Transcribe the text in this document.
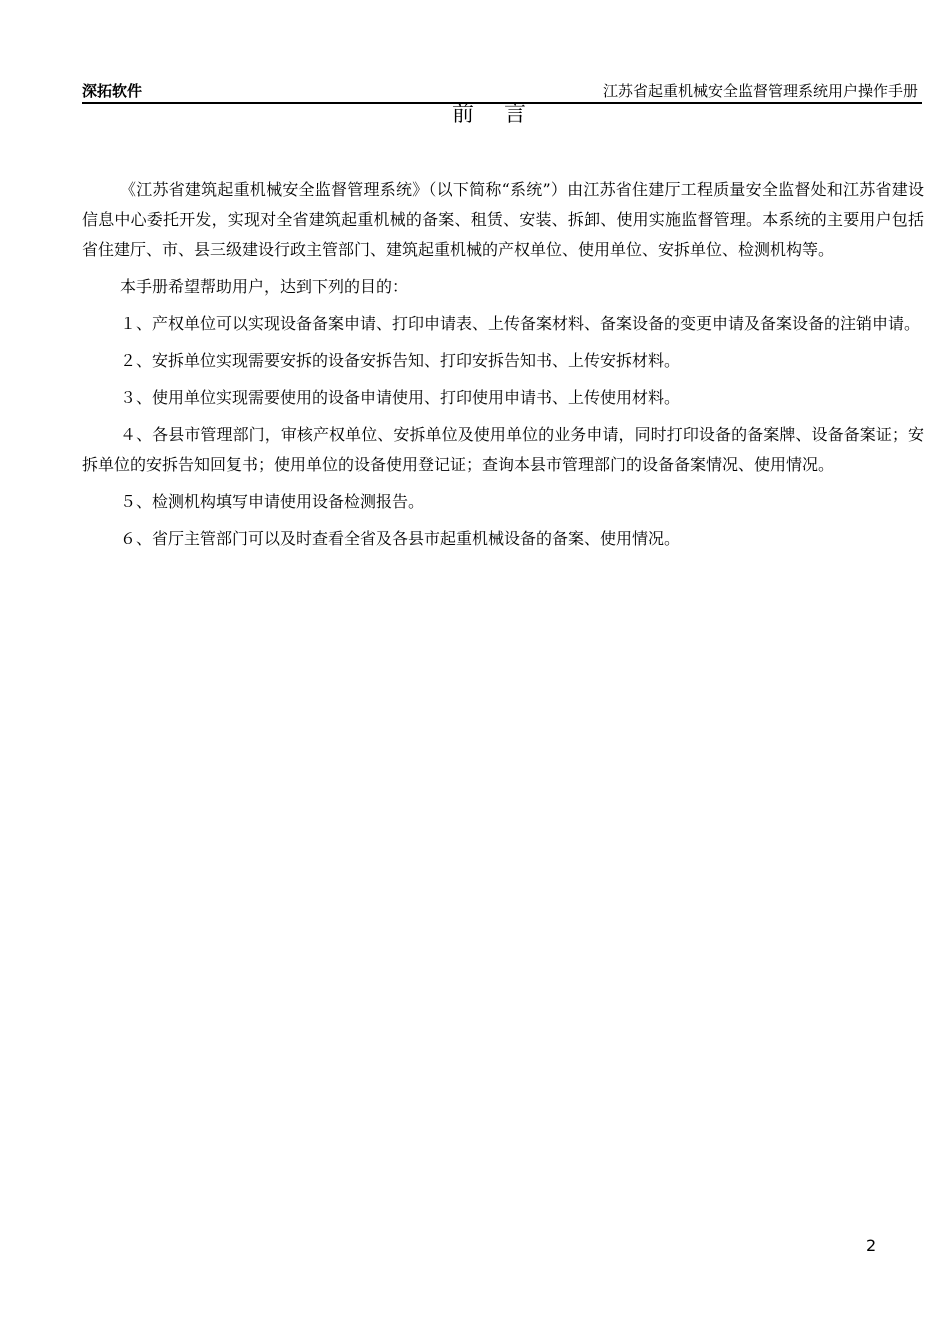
深拓软件	江苏省起重机械安全监督管理系统用户操作手册
前言

《江苏省建筑起重机械安全监督管理系统》（以下简称“系统”）由江苏省住建厅工程质量安全监督处和江苏省建设信息中心委托开发，实现对全省建筑起重机械的备案、租赁、安装、拆卸、使用实施监督管理。本系统的主要用户包括省住建厅、市、县三级建设行政主管部门、建筑起重机械的产权单位、使用单位、安拆单位、检测机构等。

本手册希望帮助用户，达到下列的目的：

１、产权单位可以实现设备备案申请、打印申请表、上传备案材料、备案设备的变更申请及备案设备的注销申请。

２、安拆单位实现需要安拆的设备安拆告知、打印安拆告知书、上传安拆材料。

３、使用单位实现需要使用的设备申请使用、打印使用申请书、上传使用材料。

４、各县市管理部门，审核产权单位、安拆单位及使用单位的业务申请，同时打印设备的备案牌、设备备案证；安拆单位的安拆告知回复书；使用单位的设备使用登记证；查询本县市管理部门的设备备案情况、使用情况。

５、检测机构填写申请使用设备检测报告。

６、省厅主管部门可以及时查看全省及各县市起重机械设备的备案、使用情况。

2
